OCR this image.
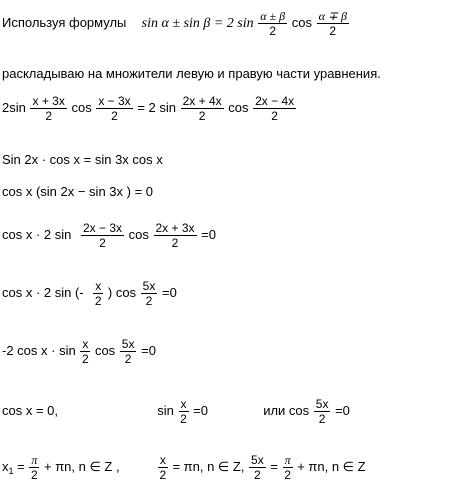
Используя формулы sin α ± sin β = 2 $\sin \frac{\alpha \pm \beta}{2}$ $\cos \frac{\alpha \mp \beta}{2}$
раскладываю на множители левую и правую части уравнения.
$2\sin \frac{x + 3x}{2}$ $\cos \frac{x - 3x}{2} = 2$ $\sin \frac{2x + 4x}{2}$ $\cos \frac{2x - 4x}{2}$
Sin 2x · cos x = sin 3x cos x
cos x (sin 2x − sin 3x ) = 0
cos x · 2 $\sin \frac{2x - 3x}{2}$ $\cos \frac{2x + 3x}{2} =0$
cos x · 2 sin (- $\frac{x}{2}$ ) $\cos \frac{5x}{2} =0$
-2 $\cos x \cdot \sin \frac{x}{2}$ $\cos \frac{5x}{2} =0$
cos x = 0,	$\sin \frac{x}{2} =0$	или $\cos \frac{5x}{2} =0$
$x_1 = \frac{\pi}{2} + \pi n$, n ∈ Z ,	$\frac{x}{2} = \pi n$, n ∈ Z, $\frac{5x}{2} = \frac{\pi}{2} + \pi n$, n ∈ Z
